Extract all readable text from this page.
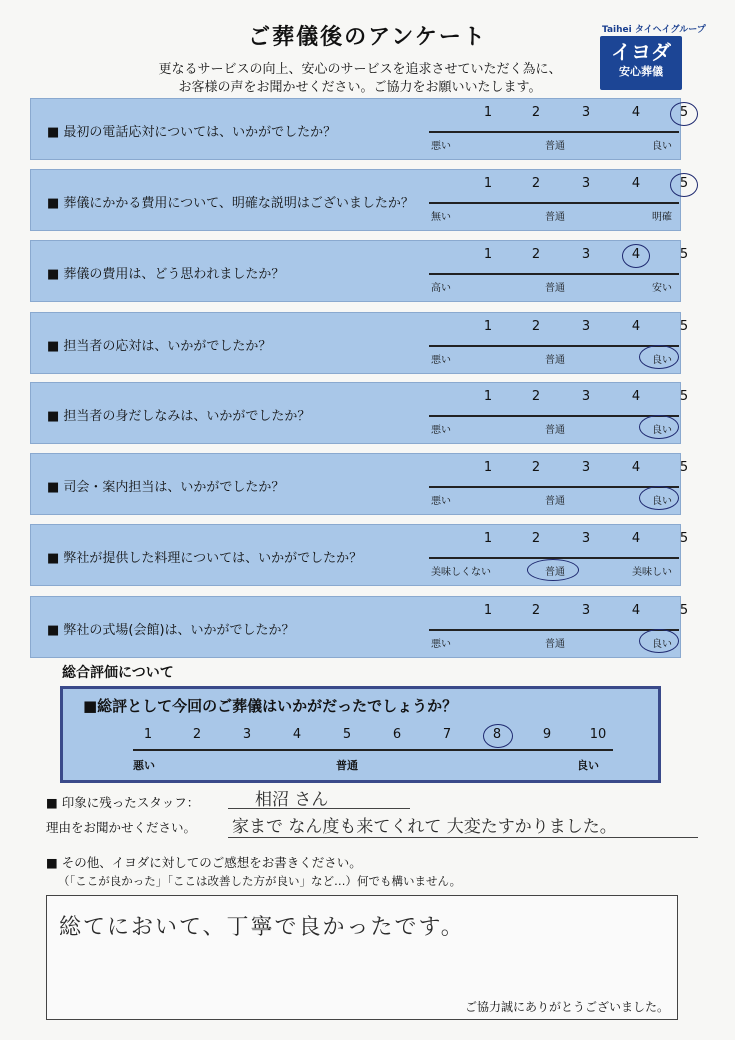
ご葬儀後のアンケート
更なるサービスの向上、安心のサービスを追求させていただく為に、
お客様の声をお聞かせください。ご協力をお願いいたします。
Taihei タイヘイグループ
イヨダ
安心葬儀
■ 最初の電話応対については、いかがでしたか？
1	2	3	4	5
悪い	普通	良い
■ 葬儀にかかる費用について、明確な説明はございましたか？
1	2	3	4	5
無い	普通	明確
■ 葬儀の費用は、どう思われましたか？
1	2	3	4	5
高い	普通	安い
■ 担当者の応対は、いかがでしたか？
1	2	3	4	5
悪い	普通	良い
■ 担当者の身だしなみは、いかがでしたか？
1	2	3	4	5
悪い	普通	良い
■ 司会・案内担当は、いかがでしたか？
1	2	3	4	5
悪い	普通	良い
■ 弊社が提供した料理については、いかがでしたか？
1	2	3	4	5
美味しくない	普通	美味しい
■ 弊社の式場(会館)は、いかがでしたか？
1	2	3	4	5
悪い	普通	良い
総合評価について
■総評として今回のご葬儀はいかがだったでしょうか？
1	2	3	4	5	6	7	8	9	10
悪い	普通	良い
■ 印象に残ったスタッフ：	相沼 さん
理由をお聞かせください。 家まで なん度も来てくれて 大変たすかりました。
■ その他、イヨダに対してのご感想をお書きください。
（「ここが良かった」「ここは改善した方が良い」など…）何でも構いません。
総てにおいて、丁寧で良かったです。
ご協力誠にありがとうございました。
